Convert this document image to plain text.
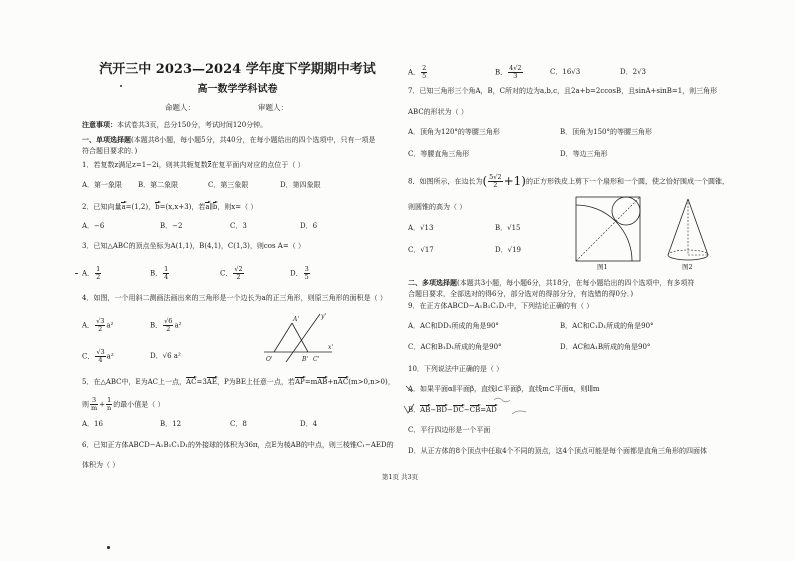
汽开三中 2023—2024 学年度下学期期中考试
高一数学学科试卷
命题人：	审题人：
注意事项：本试卷共3页，总分150分，考试时间120分钟。
一、单项选择题(本题共8小题，每小题5分，共40分，在每小题给出的四个选项中，只有一项是
符合题目要求的．)
1．若复数z满足z=1−2i，则其共轭复数z在复平面内对应的点位于（ ）
A．第一象限 B．第二象限	C．第三象限	D．第四象限
2．已知向量a=(1,2)，b=(x,x+3)，若a∥b，则x=（ ）
A．−6	B．−2	C．3	D．6
3．已知△ABC的顶点坐标为A(1,1)，B(4,1)，C(1,3)，则cos A=（ ）
A． $\frac{1}{2}$	B． $\frac{1}{4}$	C． $\frac{√2}{2}$	D． $\frac{3}{5}$
4．如图，一个用斜二测画法画出来的三角形是一个边长为a的正三角形，则原三角形的面积是（ ）
A． $\frac{√3}{2} a^2$	B． $\frac{√6}{2} a^2$
C． $\frac{√3}{4} a^2$	D．√6 a²
A'	y'
O'	B' C'
x'
5．在△ABC中，E为AC上一点，AC=3AE，P为BE上任意一点，若AP=mAB+nAC(m>0,n>0)，
则 $\frac{3}{m} + \frac{1}{n}$ 的最小值是（ ）
A．16	B．12	C．8	D．4
6．已知正方体ABCD−A₁B₁C₁D₁的外接球的体积为36π，点E为棱AB的中点，则三棱锥C₁−AED的
体积为（ ）
A． $\frac{2}{5}$	B． $\frac{4√2}{3}$	C．16√3	D．2√3
7．已知三角形三个角A，B，C所对的边为a,b,c，且2a+b=2ccosB，且sinA+sinB=1，则三角形
ABC的形状为（ ）
A．顶角为120°的等腰三角形	B．顶角为150°的等腰三角形
C．等腰直角三角形	D．等边三角形
8．如图所示，在边长为( $\frac{5√2}{2} +1$)的正方形铁皮上剪下一个扇形和一个圆，使之恰好围成一个圆锥，
则圆锥的高为（ ）
A．√13	B．√15
C．√17	D．√19
图1	图2
二、多项选择题(本题共3小题，每小题6分，共18分，在每小题给出的四个选项中，有多项符
合题目要求，全部选对的得6分，部分选对的得部分分，有选错的得0分．)
9．在正方体ABCD−A₁B₁C₁D₁中，下列结论正确的有（ ）
A．AC和DD₁所成的角是90°	B．AC和C₁D₁所成的角是90°
C．AC和B₁D₁所成的角是90°	D．AC和A₁B所成的角是90°
10．下列说法中正确的是（ ）
A．如果平面α∥平面β，直线l⊂平面β，直线m⊂平面α，则l∥m
B．AB−BD−DC−CB=AD
C．平行四边形是一个平面
D．从正方体的8个顶点中任取4个不同的顶点，这4个顶点可能是每个面都是直角三角形的四面体
第1页 共3页
